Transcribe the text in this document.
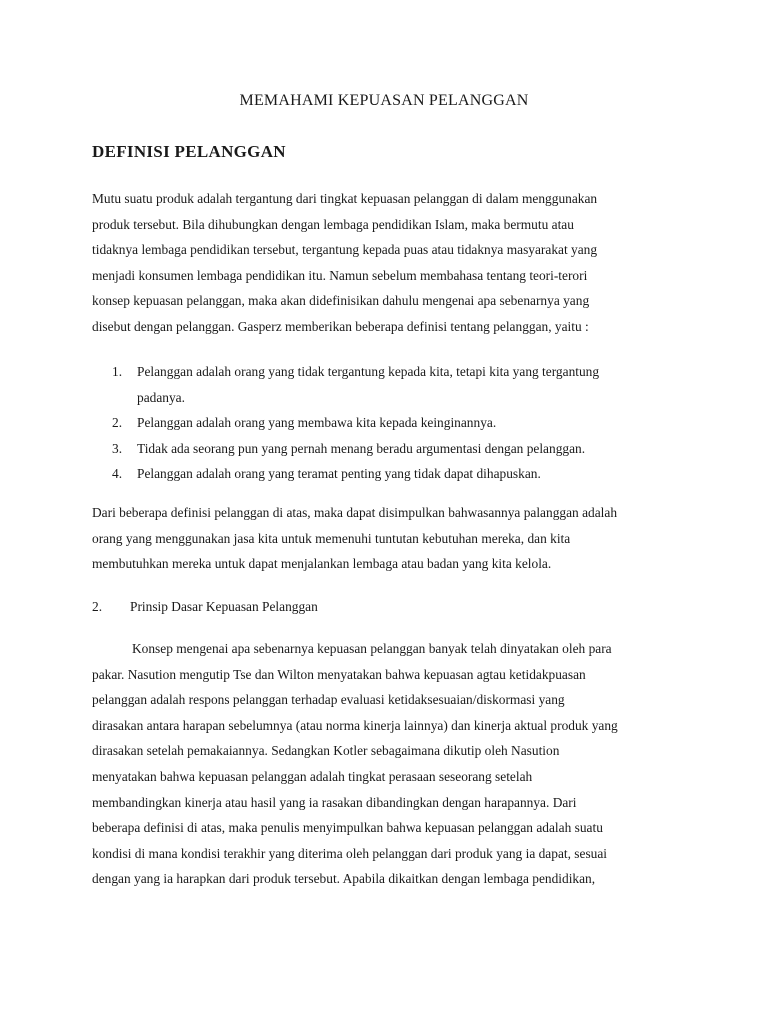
MEMAHAMI KEPUASAN PELANGGAN
DEFINISI PELANGGAN

Mutu suatu produk adalah tergantung dari tingkat kepuasan pelanggan di dalam menggunakan
produk tersebut. Bila dihubungkan dengan lembaga pendidikan Islam, maka bermutu atau
tidaknya lembaga pendidikan tersebut, tergantung kepada puas atau tidaknya masyarakat yang
menjadi konsumen lembaga pendidikan itu. Namun sebelum membahasa tentang teori-terori
konsep kepuasan pelanggan, maka akan didefinisikan dahulu mengenai apa sebenarnya yang
disebut dengan pelanggan. Gasperz memberikan beberapa definisi tentang pelanggan, yaitu :

1. Pelanggan adalah orang yang tidak tergantung kepada kita, tetapi kita yang tergantung
padanya.
2. Pelanggan adalah orang yang membawa kita kepada keinginannya.
3. Tidak ada seorang pun yang pernah menang beradu argumentasi dengan pelanggan.
4. Pelanggan adalah orang yang teramat penting yang tidak dapat dihapuskan.

Dari beberapa definisi pelanggan di atas, maka dapat disimpulkan bahwasannya palanggan adalah
orang yang menggunakan jasa kita untuk memenuhi tuntutan kebutuhan mereka, dan kita
membutuhkan mereka untuk dapat menjalankan lembaga atau badan yang kita kelola.

2. Prinsip Dasar Kepuasan Pelanggan

Konsep mengenai apa sebenarnya kepuasan pelanggan banyak telah dinyatakan oleh para
pakar. Nasution mengutip Tse dan Wilton menyatakan bahwa kepuasan agtau ketidakpuasan
pelanggan adalah respons pelanggan terhadap evaluasi ketidaksesuaian/diskormasi yang
dirasakan antara harapan sebelumnya (atau norma kinerja lainnya) dan kinerja aktual produk yang
dirasakan setelah pemakaiannya. Sedangkan Kotler sebagaimana dikutip oleh Nasution
menyatakan bahwa kepuasan pelanggan adalah tingkat perasaan seseorang setelah
membandingkan kinerja atau hasil yang ia rasakan dibandingkan dengan harapannya. Dari
beberapa definisi di atas, maka penulis menyimpulkan bahwa kepuasan pelanggan adalah suatu
kondisi di mana kondisi terakhir yang diterima oleh pelanggan dari produk yang ia dapat, sesuai
dengan yang ia harapkan dari produk tersebut. Apabila dikaitkan dengan lembaga pendidikan,
